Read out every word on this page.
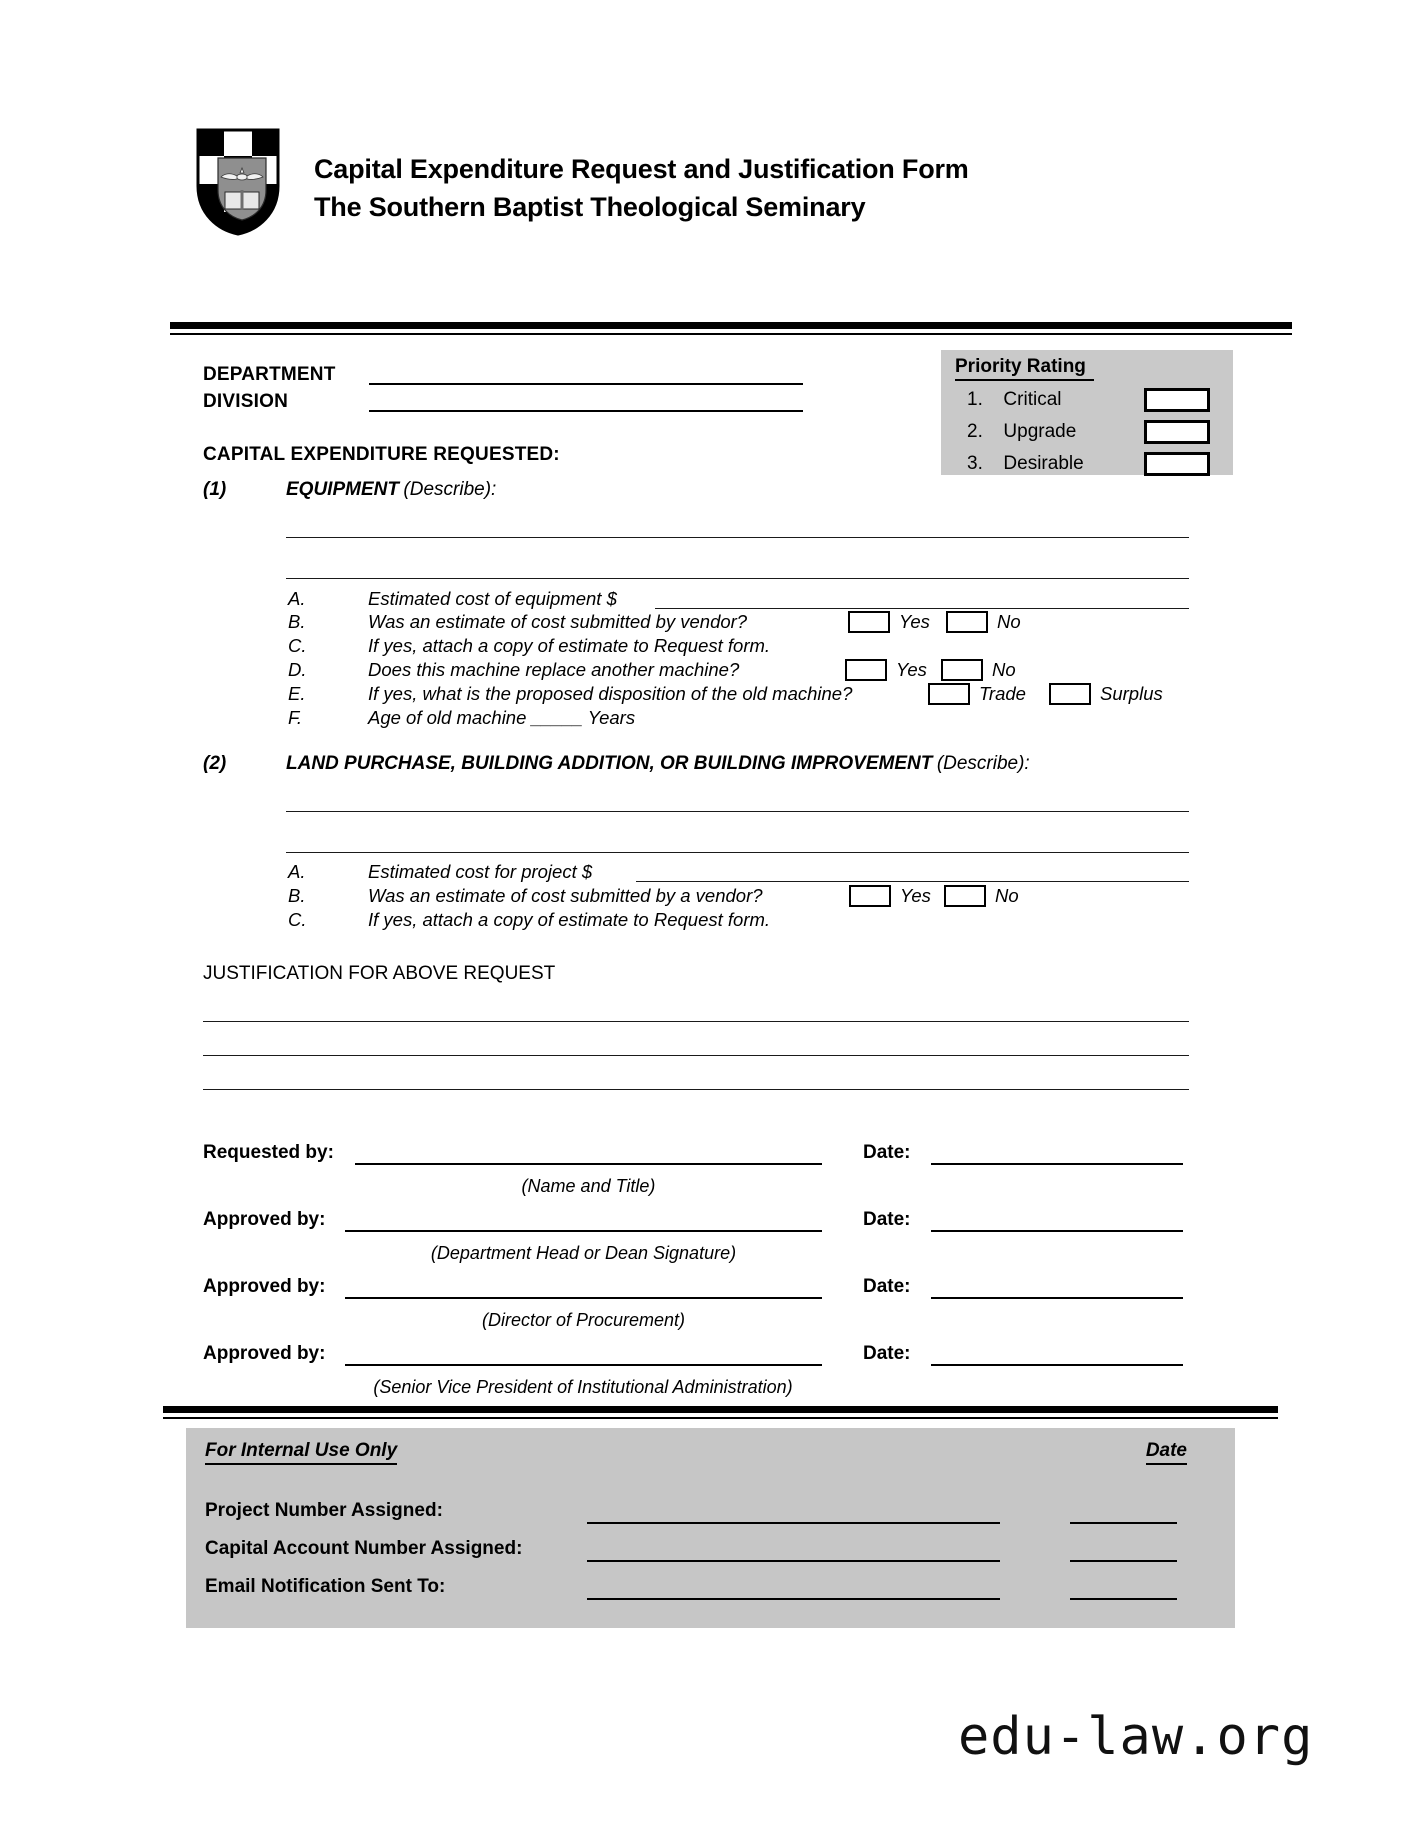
Capital Expenditure Request and Justification Form
The Southern Baptist Theological Seminary
DEPARTMENT
DIVISION
Priority Rating
1. Critical
2. Upgrade
3. Desirable
CAPITAL EXPENDITURE REQUESTED:
(1)	EQUIPMENT (Describe):
A.	Estimated cost of equipment $
B.	Was an estimate of cost submitted by vendor?	Yes	No
C.	If yes, attach a copy of estimate to Request form.
D.	Does this machine replace another machine?	Yes	No
E.	If yes, what is the proposed disposition of the old machine?	Trade	Surplus
F.	Age of old machine _____ Years
(2)	LAND PURCHASE, BUILDING ADDITION, OR BUILDING IMPROVEMENT (Describe):
A.	Estimated cost for project $
B.	Was an estimate of cost submitted by a vendor?	Yes	No
C.	If yes, attach a copy of estimate to Request form.
JUSTIFICATION FOR ABOVE REQUEST
Requested by:	Date:
(Name and Title)
Approved by:	Date:
(Department Head or Dean Signature)
Approved by:	Date:
(Director of Procurement)
Approved by:	Date:
(Senior Vice President of Institutional Administration)
For Internal Use Only	Date
Project Number Assigned:
Capital Account Number Assigned:
Email Notification Sent To:
edu-law.org
